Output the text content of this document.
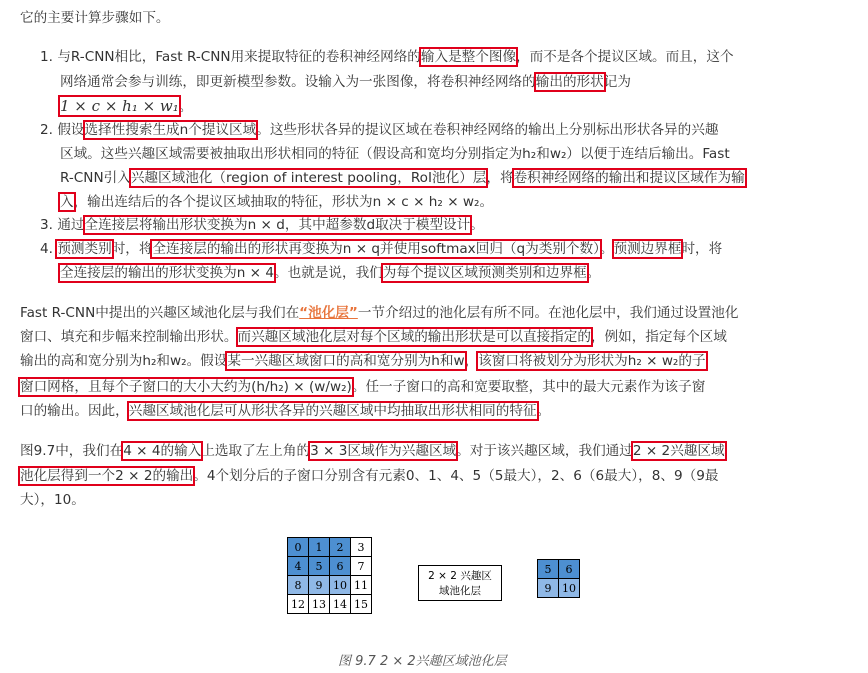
它的主要计算步骤如下。
1. 与R-CNN相比，Fast R-CNN用来提取特征的卷积神经网络的输入是整个图像，而不是各个提议区域。而且，这个
网络通常会参与训练，即更新模型参数。设输入为一张图像，将卷积神经网络的输出的形状记为
1 × c × h₁ × w₁。
2. 假设选择性搜索生成n个提议区域。这些形状各异的提议区域在卷积神经网络的输出上分别标出形状各异的兴趣
区域。这些兴趣区域需要被抽取出形状相同的特征（假设高和宽均分别指定为h₂和w₂）以便于连结后输出。Fast
R-CNN引入兴趣区域池化（region of interest pooling，RoI池化）层，将卷积神经网络的输出和提议区域作为输
入，输出连结后的各个提议区域抽取的特征，形状为n × c × h₂ × w₂。
3. 通过全连接层将输出形状变换为n × d，其中超参数d取决于模型设计。
4. 预测类别时，将全连接层的输出的形状再变换为n × q并使用softmax回归（q为类别个数）。预测边界框时，将
全连接层的输出的形状变换为n × 4。也就是说，我们为每个提议区域预测类别和边界框。
Fast R-CNN中提出的兴趣区域池化层与我们在“池化层”一节介绍过的池化层有所不同。在池化层中，我们通过设置池化
窗口、填充和步幅来控制输出形状。而兴趣区域池化层对每个区域的输出形状是可以直接指定的，例如，指定每个区域
输出的高和宽分别为h₂和w₂。假设某一兴趣区域窗口的高和宽分别为h和w，该窗口将被划分为形状为h₂ × w₂的子
窗口网格，且每个子窗口的大小大约为(h/h₂) × (w/w₂)。任一子窗口的高和宽要取整，其中的最大元素作为该子窗
口的输出。因此，兴趣区域池化层可从形状各异的兴趣区域中均抽取出形状相同的特征。
图9.7中，我们在4 × 4的输入上选取了左上角的3 × 3区域作为兴趣区域。对于该兴趣区域，我们通过2 × 2兴趣区域
池化层得到一个2 × 2的输出。4个划分后的子窗口分别含有元素0、1、4、5（5最大），2、6（6最大），8、9（9最
大），10。
0	1	2	3
4	5	6	7
8	9	10	11
12	13	14	15
2 × 2 兴趣区
域池化层
5	6
9	10
图 9.7 2 × 2兴趣区域池化层
